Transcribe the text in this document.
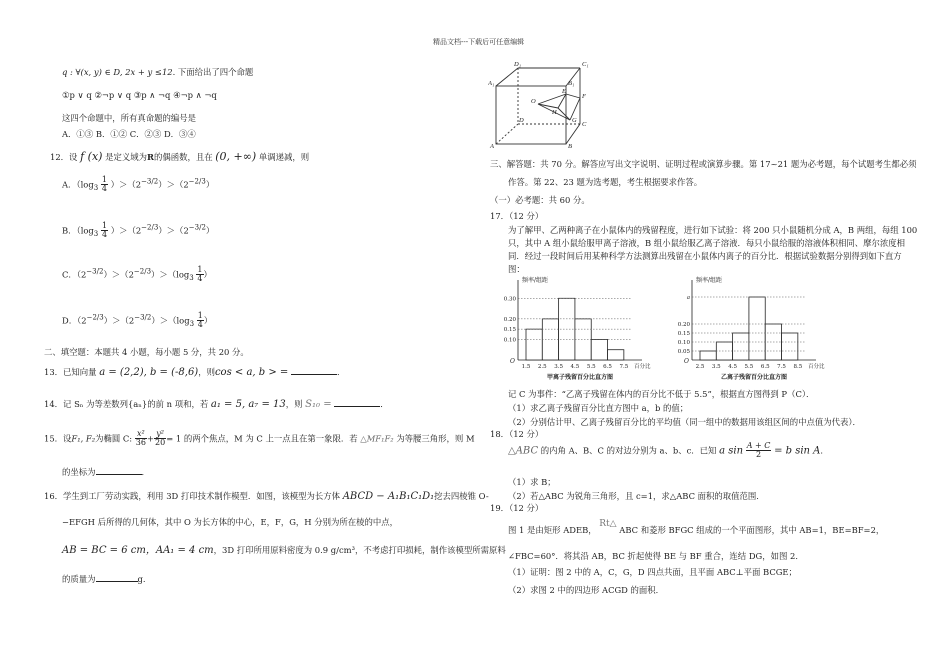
精品文档---下载后可任意编辑
q : ∀(x, y) ∈ D, 2x + y ≤12. 下面给出了四个命题
①p ∨ q ②¬p ∨ q ③p ∧ ¬q ④¬p ∧ ¬q
这四个命题中，所有真命题的编号是
A．①③ B．①② C．②③ D．③④
12．设 f (x) 是定义域为R的偶函数，且在 (0, +∞) 单调递减，则
A．$(\log_3 \frac{1}{4} )>(2^{-3/2})>(2^{-2/3})$
B．$(\log_3 \frac{1}{4} )>(2^{-2/3})>(2^{-3/2})$
C．$(2^{-3/2})>(2^{-2/3})>(\log_3 \frac{1}{4}$ ）
D．$(2^{-2/3})>(2^{-3/2})>(\log_3 \frac{1}{4}$ ）
二、填空题：本题共 4 小题，每小题 5 分，共 20 分。
13．已知向量 a = (2,2), b = (-8,6)，则cos < a, b > =	．
14．记 Sₙ 为等差数列{aₙ}的前 n 项和，若 a₁ = 5, a₇ = 13，则 S₁₀ =	．
15．设F₁, F₂为椭圆 C: $\frac{\text{x²}}{36} + \frac{\text{y²}}{20} = 1$ 的两个焦点，M 为 C 上一点且在第一象限．若 △MF₁F₂ 为等腰三角形，则 M
的坐标为	．
16．学生到工厂劳动实践，利用 3D 打印技术制作模型．如图，该模型为长方体 ABCD − A₁B₁C₁D₁挖去四棱锥 O-
−EFGH 后所得的几何体，其中 O 为长方体的中心，E，F，G，H 分别为所在棱的中点，
AB = BC = 6 cm，AA₁ = 4 cm，3D 打印所用原料密度为 0.9 g/cm³，不考虑打印损耗，制作该模型所需原料
的质量为	g.
D₁	C₁
A₁	B₁
D
C
A	B
E
F
G
H
O
三、解答题：共 70 分。解答应写出文字说明、证明过程或演算步骤。第 17~21 题为必考题，每个试题考生都必须
作答。第 22、23 题为选考题，考生根据要求作答。
（一）必考题：共 60 分。
17．（12 分）
为了解甲、乙两种离子在小鼠体内的残留程度，进行如下试验：将 200 只小鼠随机分成 A，B 两组，每组 100
只，其中 A 组小鼠给服甲离子溶液，B 组小鼠给服乙离子溶液．每只小鼠给服的溶液体积相同、摩尔浓度相
同．经过一段时间后用某种科学方法测算出残留在小鼠体内离子的百分比．根据试验数据分别得到如下直方
图：
频率/组距
O
0.10
0.15
0.20
0.30
1.5 2.5 3.5 4.5 5.5 6.5 7.5 百分比
甲离子残留百分比直方图
频率/组距
O
0.05
0.10
0.15
0.20
a
2.5 3.5 4.5 5.5 6.5 7.5 8.5 百分比
乙离子残留百分比直方图
记 C 为事件：“乙离子残留在体内的百分比不低于 5.5”，根据直方图得到 P（C）．
（1）求乙离子残留百分比直方图中 a，b 的值；
（2）分别估计甲、乙离子残留百分比的平均值（同一组中的数据用该组区间的中点值为代表）．
18．（12 分）
△ABC 的内角 A、B、C 的对边分别为 a、b、c．已知 a $\sin \frac{A + C}{2} = b$ sin A．
（1）求 B；
（2）若△ABC 为锐角三角形，且 c=1，求△ABC 面积的取值范围．
19．（12 分）
图 1 是由矩形 ADEB， Rt△ ABC 和菱形 BFGC 组成的一个平面图形，其中 AB=1，BE=BF=2，
∠FBC=60°．将其沿 AB，BC 折起使得 BE 与 BF 重合，连结 DG，如图 2．
（1）证明：图 2 中的 A，C，G，D 四点共面，且平面 ABC⊥平面 BCGE；
（2）求图 2 中的四边形 ACGD 的面积．
